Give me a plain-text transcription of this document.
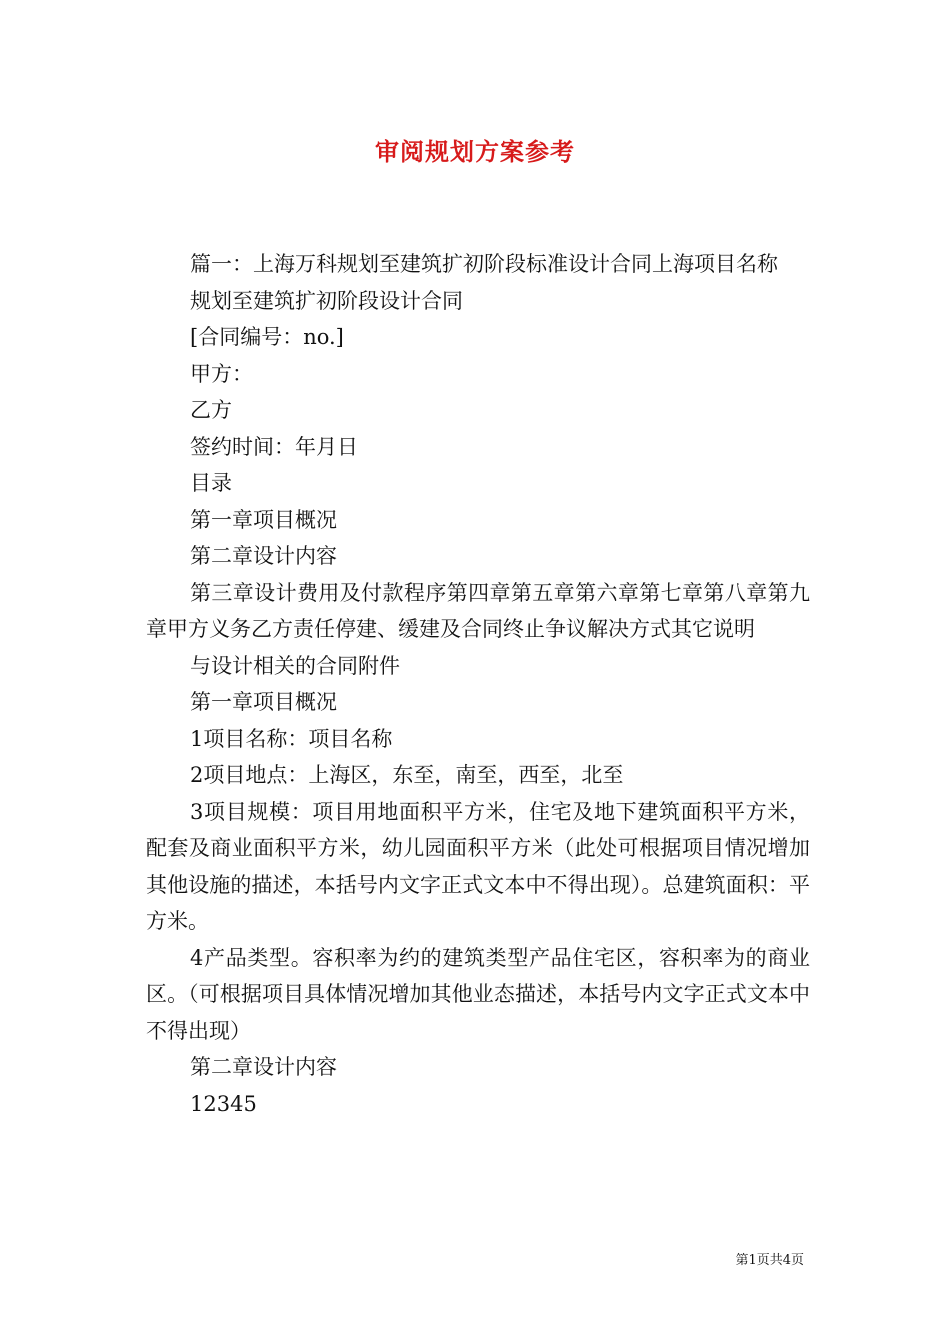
审阅规划方案参考

篇一：上海万科规划至建筑扩初阶段标准设计合同上海项目名称

规划至建筑扩初阶段设计合同

[合同编号：no.]

甲方：

乙方

签约时间：年月日

目录

第一章项目概况

第二章设计内容

第三章设计费用及付款程序第四章第五章第六章第七章第八章第九章甲方义务乙方责任停建、缓建及合同终止争议解决方式其它说明

与设计相关的合同附件

第一章项目概况

1项目名称：项目名称

2项目地点：上海区，东至，南至，西至，北至

3项目规模：项目用地面积平方米，住宅及地下建筑面积平方米，配套及商业面积平方米，幼儿园面积平方米（此处可根据项目情况增加其他设施的描述，本括号内文字正式文本中不得出现）。总建筑面积：平方米。

4产品类型。容积率为约的建筑类型产品住宅区，容积率为的商业区。（可根据项目具体情况增加其他业态描述，本括号内文字正式文本中不得出现）

第二章设计内容

12345

第1页共4页
